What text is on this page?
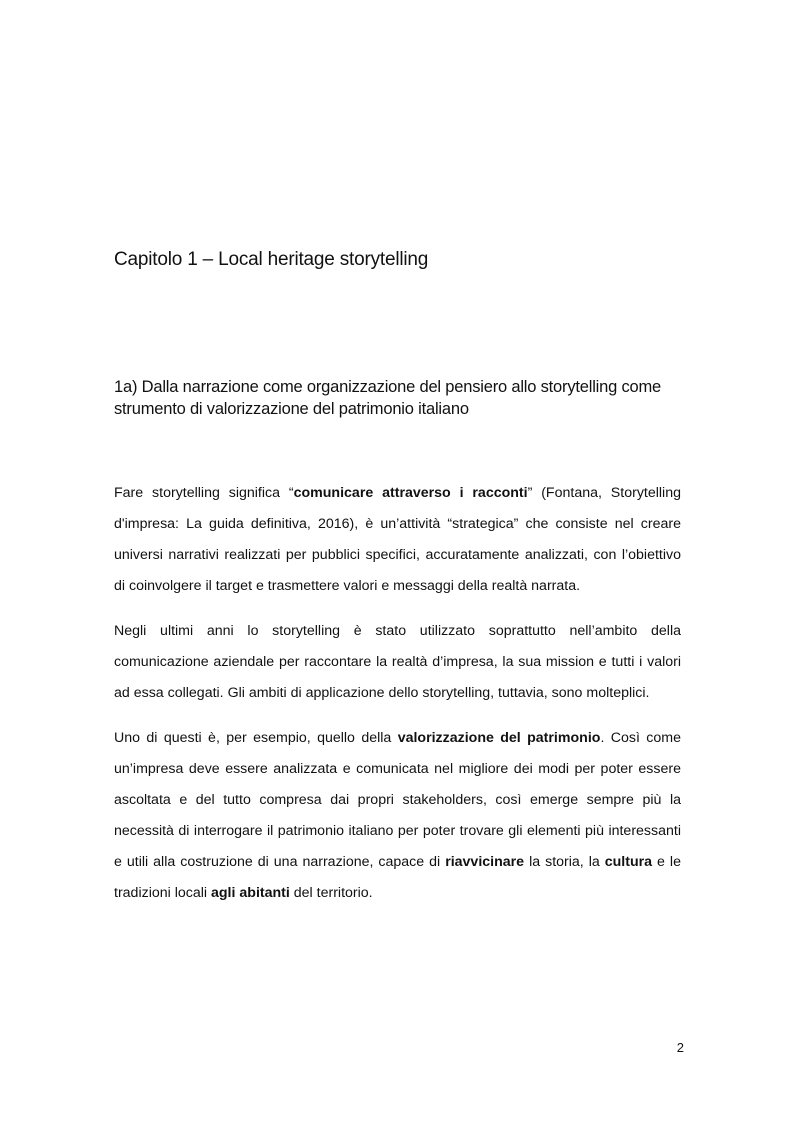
Capitolo 1 – Local heritage storytelling
1a) Dalla narrazione come organizzazione del pensiero allo storytelling come strumento di valorizzazione del patrimonio italiano

Fare storytelling significa “comunicare attraverso i racconti” (Fontana, Storytelling d'impresa: La guida definitiva, 2016), è un’attività “strategica” che consiste nel creare universi narrativi realizzati per pubblici specifici, accuratamente analizzati, con l’obiettivo di coinvolgere il target e trasmettere valori e messaggi della realtà narrata.

Negli ultimi anni lo storytelling è stato utilizzato soprattutto nell’ambito della comunicazione aziendale per raccontare la realtà d’impresa, la sua mission e tutti i valori ad essa collegati. Gli ambiti di applicazione dello storytelling, tuttavia, sono molteplici.

Uno di questi è, per esempio, quello della valorizzazione del patrimonio. Così come un’impresa deve essere analizzata e comunicata nel migliore dei modi per poter essere ascoltata e del tutto compresa dai propri stakeholders, così emerge sempre più la necessità di interrogare il patrimonio italiano per poter trovare gli elementi più interessanti e utili alla costruzione di una narrazione, capace di riavvicinare la storia, la cultura e le tradizioni locali agli abitanti del territorio.

2
